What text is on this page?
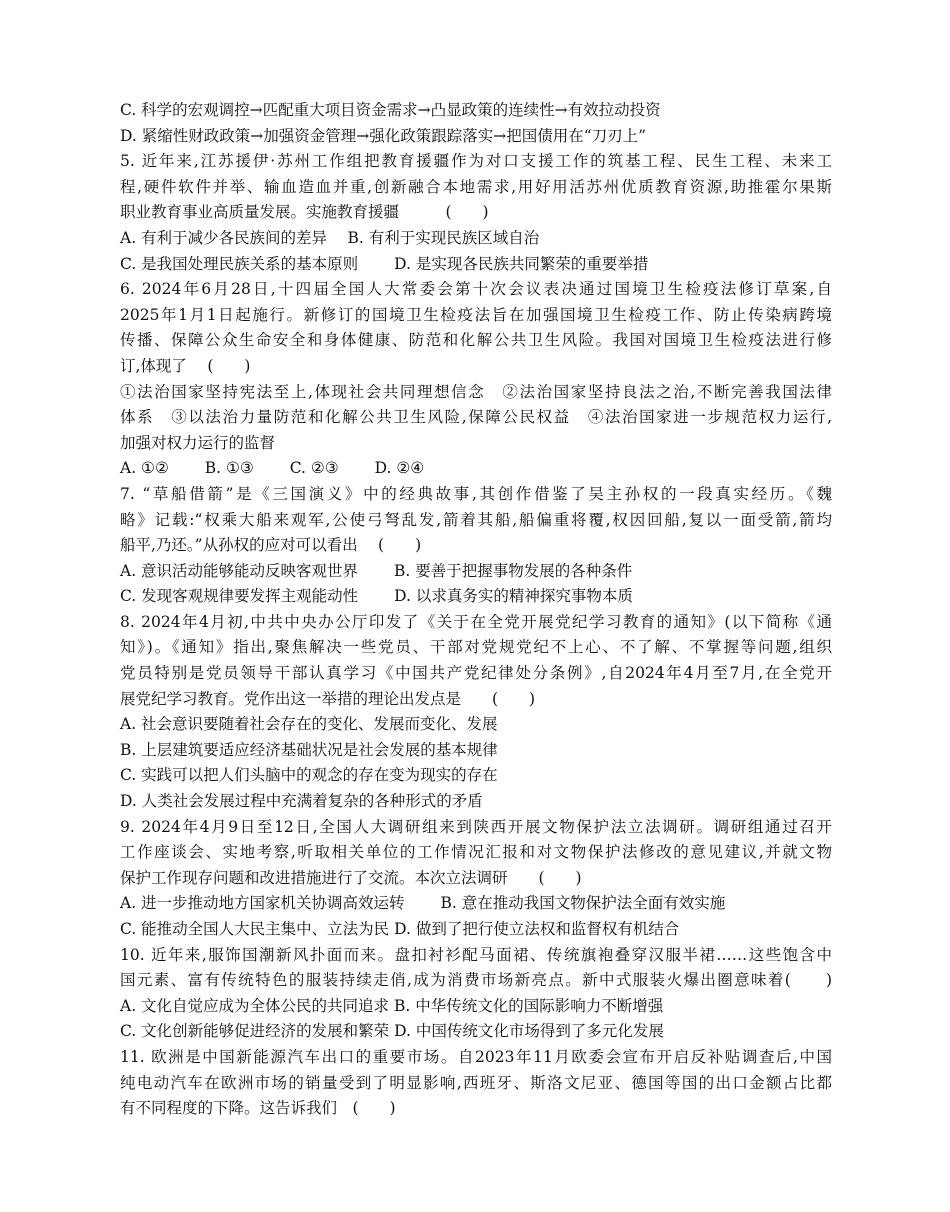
C. 科学的宏观调控→匹配重大项目资金需求→凸显政策的连续性→有效拉动投资
D. 紧缩性财政政策→加强资金管理→强化政策跟踪落实→把国债用在“刀刃上”
5. 近年来,江苏援伊·苏州工作组把教育援疆作为对口支援工作的筑基工程、民生工程、未来工
程,硬件软件并举、输血造血并重,创新融合本地需求,用好用活苏州优质教育资源,助推霍尔果斯
职业教育事业高质量发展。实施教育援疆　　　(　　)
A. 有利于减少各民族间的差异　 B. 有利于实现民族区域自治
C. 是我国处理民族关系的基本原则　　 D. 是实现各民族共同繁荣的重要举措
6. 2024年6月28日,十四届全国人大常委会第十次会议表决通过国境卫生检疫法修订草案,自
2025年1月1日起施行。新修订的国境卫生检疫法旨在加强国境卫生检疫工作、防止传染病跨境
传播、保障公众生命安全和身体健康、防范和化解公共卫生风险。我国对国境卫生检疫法进行修
订,体现了　 (　　)
①法治国家坚持宪法至上,体现社会共同理想信念　②法治国家坚持良法之治,不断完善我国法律
体系　③以法治力量防范和化解公共卫生风险,保障公民权益　④法治国家进一步规范权力运行,
加强对权力运行的监督
A. ①②　　 B. ①③　　 C. ②③　　 D. ②④
7. “草船借箭”是《三国演义》中的经典故事,其创作借鉴了吴主孙权的一段真实经历。《魏
略》记载:“权乘大船来观军,公使弓弩乱发,箭着其船,船偏重将覆,权因回船,复以一面受箭,箭均
船平,乃还。”从孙权的应对可以看出　 (　　)
A. 意识活动能够能动反映客观世界　　 B. 要善于把握事物发展的各种条件
C. 发现客观规律要发挥主观能动性　　 D. 以求真务实的精神探究事物本质
8. 2024年4月初,中共中央办公厅印发了《关于在全党开展党纪学习教育的通知》(以下简称《通
知》)。《通知》指出,聚焦解决一些党员、干部对党规党纪不上心、不了解、不掌握等问题,组织
党员特别是党员领导干部认真学习《中国共产党纪律处分条例》,自2024年4月至7月,在全党开
展党纪学习教育。党作出这一举措的理论出发点是　　(　　)
A. 社会意识要随着社会存在的变化、发展而变化、发展
B. 上层建筑要适应经济基础状况是社会发展的基本规律
C. 实践可以把人们头脑中的观念的存在变为现实的存在
D. 人类社会发展过程中充满着复杂的各种形式的矛盾
9. 2024年4月9日至12日,全国人大调研组来到陕西开展文物保护法立法调研。调研组通过召开
工作座谈会、实地考察,听取相关单位的工作情况汇报和对文物保护法修改的意见建议,并就文物
保护工作现存问题和改进措施进行了交流。本次立法调研　　(　　)
A. 进一步推动地方国家机关协调高效运转　　 B. 意在推动我国文物保护法全面有效实施
C. 能推动全国人大民主集中、立法为民 D. 做到了把行使立法权和监督权有机结合
10. 近年来,服饰国潮新风扑面而来。盘扣衬衫配马面裙、传统旗袍叠穿汉服半裙……这些饱含中
国元素、富有传统特色的服装持续走俏,成为消费市场新亮点。新中式服装火爆出圈意味着(　　)
A. 文化自觉应成为全体公民的共同追求 B. 中华传统文化的国际影响力不断增强
C. 文化创新能够促进经济的发展和繁荣 D. 中国传统文化市场得到了多元化发展
11. 欧洲是中国新能源汽车出口的重要市场。自2023年11月欧委会宣布开启反补贴调查后,中国
纯电动汽车在欧洲市场的销量受到了明显影响,西班牙、斯洛文尼亚、德国等国的出口金额占比都
有不同程度的下降。这告诉我们　(　　)
